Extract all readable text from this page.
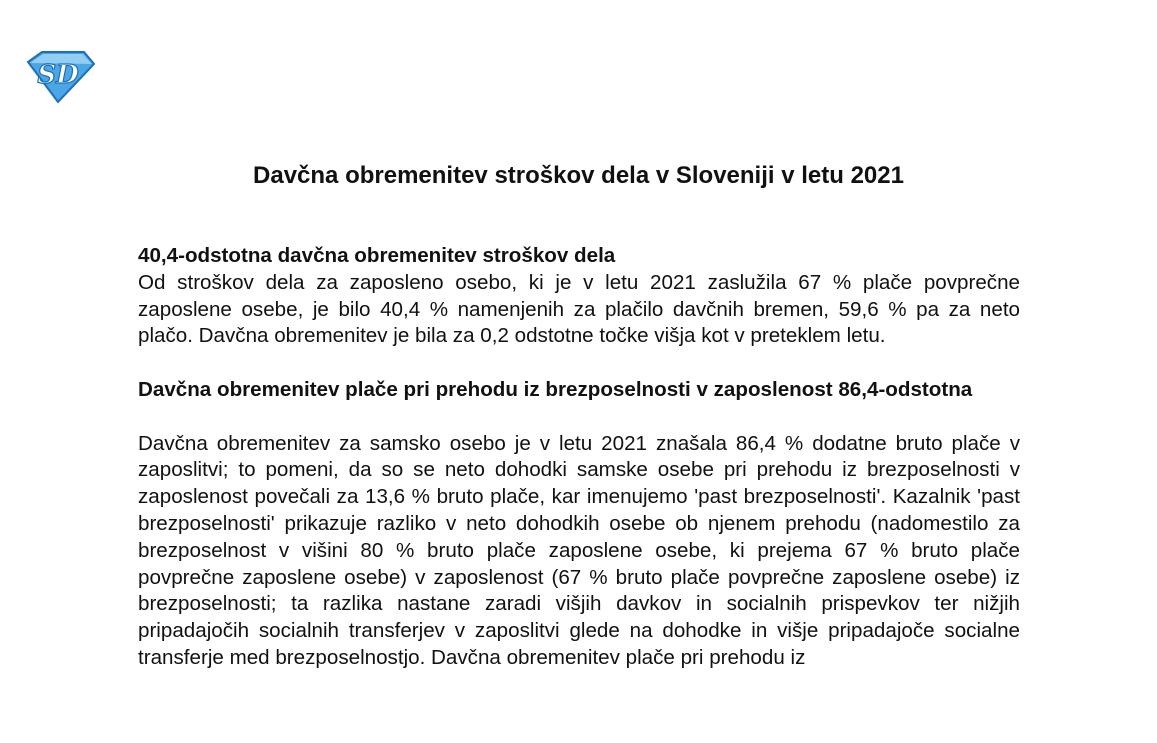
SD
Davčna obremenitev stroškov dela v Sloveniji v letu 2021

40,4-odstotna davčna obremenitev stroškov dela

Od stroškov dela za zaposleno osebo, ki je v letu 2021 zaslužila 67 % plače povprečne zaposlene osebe, je bilo 40,4 % namenjenih za plačilo davčnih bremen, 59,6 % pa za neto plačo. Davčna obremenitev je bila za 0,2 odstotne točke višja kot v preteklem letu.

Davčna obremenitev plače pri prehodu iz brezposelnosti v zaposlenost 86,4-odstotna

Davčna obremenitev za samsko osebo je v letu 2021 znašala 86,4 % dodatne bruto plače v zaposlitvi; to pomeni, da so se neto dohodki samske osebe pri prehodu iz brezposelnosti v zaposlenost povečali za 13,6 % bruto plače, kar imenujemo 'past brezposelnosti'. Kazalnik 'past brezposelnosti' prikazuje razliko v neto dohodkih osebe ob njenem prehodu (nadomestilo za brezposelnost v višini 80 % bruto plače zaposlene osebe, ki prejema 67 % bruto plače povprečne zaposlene osebe) v zaposlenost (67 % bruto plače povprečne zaposlene osebe) iz brezposelnosti; ta razlika nastane zaradi višjih davkov in socialnih prispevkov ter nižjih pripadajočih socialnih transferjev v zaposlitvi glede na dohodke in višje pripadajoče socialne transferje med brezposelnostjo. Davčna obremenitev plače pri prehodu iz
